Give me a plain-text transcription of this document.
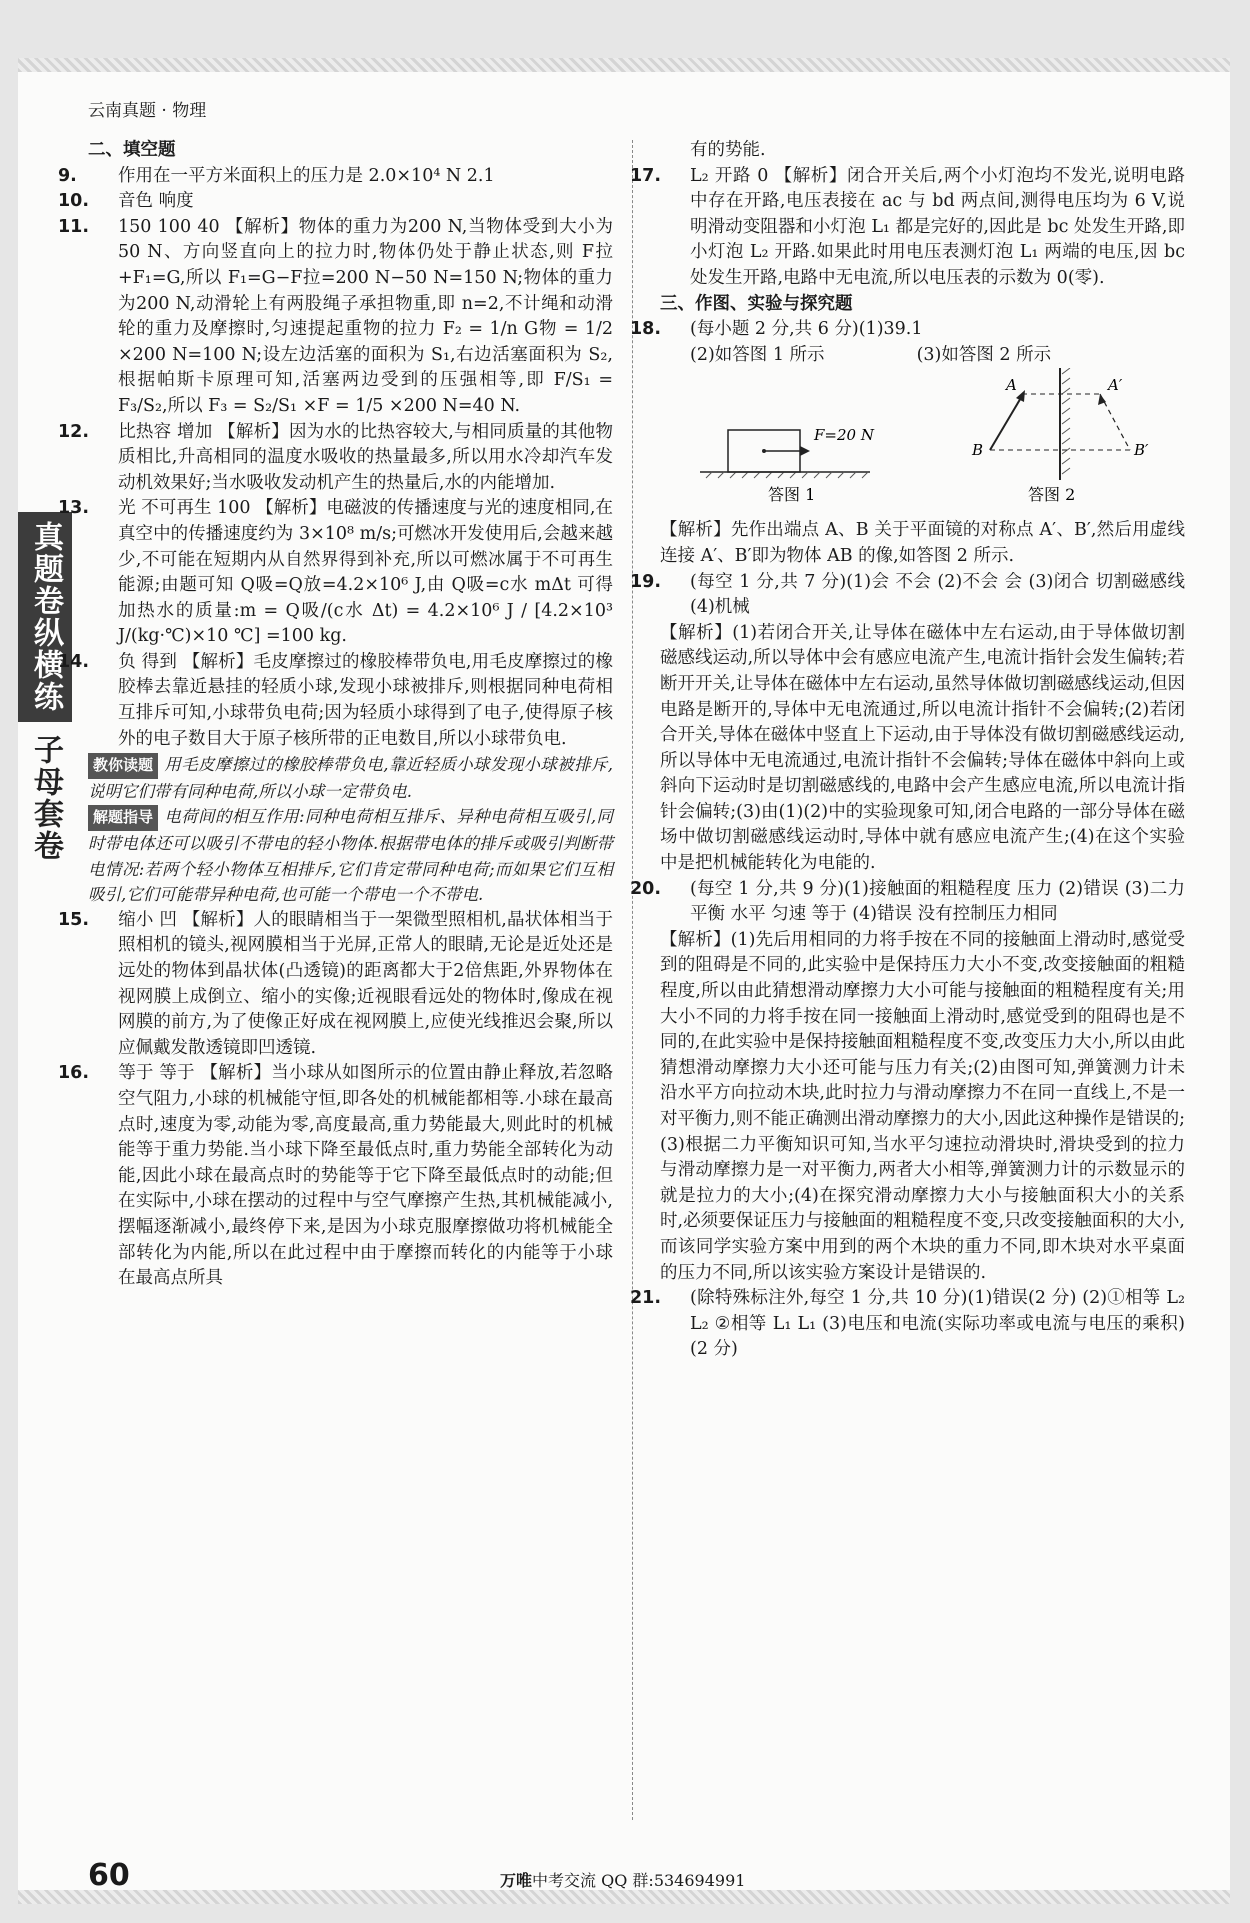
云南真题 · 物理
真题卷纵横练
子母套卷

二、填空题

9. 作用在一平方米面积上的压力是 2.0×10⁴ N 2.1

10. 音色 响度

11. 150 100 40 【解析】物体的重力为200 N,当物体受到大小为50 N、方向竖直向上的拉力时,物体仍处于静止状态,则 F拉+F₁=G,所以 F₁=G−F拉=200 N−50 N=150 N;物体的重力为200 N,动滑轮上有两股绳子承担物重,即 n=2,不计绳和动滑轮的重力及摩擦时,匀速提起重物的拉力 F₂ = 1/n G物 = 1/2 ×200 N=100 N;设左边活塞的面积为 S₁,右边活塞面积为 S₂,根据帕斯卡原理可知,活塞两边受到的压强相等,即 F/S₁ = F₃/S₂,所以 F₃ = S₂/S₁ ×F = 1/5 ×200 N=40 N.

12. 比热容 增加 【解析】因为水的比热容较大,与相同质量的其他物质相比,升高相同的温度水吸收的热量最多,所以用水冷却汽车发动机效果好;当水吸收发动机产生的热量后,水的内能增加.

13. 光 不可再生 100 【解析】电磁波的传播速度与光的速度相同,在真空中的传播速度约为 3×10⁸ m/s;可燃冰开发使用后,会越来越少,不可能在短期内从自然界得到补充,所以可燃冰属于不可再生能源;由题可知 Q吸=Q放=4.2×10⁶ J,由 Q吸=c水 mΔt 可得加热水的质量:m = Q吸/(c水 Δt) = 4.2×10⁶ J / [4.2×10³ J/(kg·℃)×10 ℃] =100 kg.

14. 负 得到 【解析】毛皮摩擦过的橡胶棒带负电,用毛皮摩擦过的橡胶棒去靠近悬挂的轻质小球,发现小球被排斥,则根据同种电荷相互排斥可知,小球带负电荷;因为轻质小球得到了电子,使得原子核外的电子数目大于原子核所带的正电数目,所以小球带负电.

教你读题 用毛皮摩擦过的橡胶棒带负电,靠近轻质小球发现小球被排斥,说明它们带有同种电荷,所以小球一定带负电.

解题指导 电荷间的相互作用:同种电荷相互排斥、异种电荷相互吸引,同时带电体还可以吸引不带电的轻小物体.根据带电体的排斥或吸引判断带电情况:若两个轻小物体互相排斥,它们肯定带同种电荷;而如果它们互相吸引,它们可能带异种电荷,也可能一个带电一个不带电.

15. 缩小 凹 【解析】人的眼睛相当于一架微型照相机,晶状体相当于照相机的镜头,视网膜相当于光屏,正常人的眼睛,无论是近处还是远处的物体到晶状体(凸透镜)的距离都大于2倍焦距,外界物体在视网膜上成倒立、缩小的实像;近视眼看远处的物体时,像成在视网膜的前方,为了使像正好成在视网膜上,应使光线推迟会聚,所以应佩戴发散透镜即凹透镜.

16. 等于 等于 【解析】当小球从如图所示的位置由静止释放,若忽略空气阻力,小球的机械能守恒,即各处的机械能都相等.小球在最高点时,速度为零,动能为零,高度最高,重力势能最大,则此时的机械能等于重力势能.当小球下降至最低点时,重力势能全部转化为动能,因此小球在最高点时的势能等于它下降至最低点时的动能;但在实际中,小球在摆动的过程中与空气摩擦产生热,其机械能减小,摆幅逐渐减小,最终停下来,是因为小球克服摩擦做功将机械能全部转化为内能,所以在此过程中由于摩擦而转化的内能等于小球在最高点所具

有的势能.

17. L₂ 开路 0 【解析】闭合开关后,两个小灯泡均不发光,说明电路中存在开路,电压表接在 ac 与 bd 两点间,测得电压均为 6 V,说明滑动变阻器和小灯泡 L₁ 都是完好的,因此是 bc 处发生开路,即小灯泡 L₂ 开路.如果此时用电压表测灯泡 L₁ 两端的电压,因 bc 处发生开路,电路中无电流,所以电压表的示数为 0(零).

三、作图、实验与探究题

18. (每小题 2 分,共 6 分)(1)39.1

(2)如答图 1 所示	(3)如答图 2 所示

F=20 N
答图 1
A	A′
B	B′
答图 2

【解析】先作出端点 A、B 关于平面镜的对称点 A′、B′,然后用虚线连接 A′、B′即为物体 AB 的像,如答图 2 所示.

19. (每空 1 分,共 7 分)(1)会 不会 (2)不会 会 (3)闭合 切割磁感线 (4)机械

【解析】(1)若闭合开关,让导体在磁体中左右运动,由于导体做切割磁感线运动,所以导体中会有感应电流产生,电流计指针会发生偏转;若断开开关,让导体在磁体中左右运动,虽然导体做切割磁感线运动,但因电路是断开的,导体中无电流通过,所以电流计指针不会偏转;(2)若闭合开关,导体在磁体中竖直上下运动,由于导体没有做切割磁感线运动,所以导体中无电流通过,电流计指针不会偏转;导体在磁体中斜向上或斜向下运动时是切割磁感线的,电路中会产生感应电流,所以电流计指针会偏转;(3)由(1)(2)中的实验现象可知,闭合电路的一部分导体在磁场中做切割磁感线运动时,导体中就有感应电流产生;(4)在这个实验中是把机械能转化为电能的.

20. (每空 1 分,共 9 分)(1)接触面的粗糙程度 压力 (2)错误 (3)二力平衡 水平 匀速 等于 (4)错误 没有控制压力相同

【解析】(1)先后用相同的力将手按在不同的接触面上滑动时,感觉受到的阻碍是不同的,此实验中是保持压力大小不变,改变接触面的粗糙程度,所以由此猜想滑动摩擦力大小可能与接触面的粗糙程度有关;用大小不同的力将手按在同一接触面上滑动时,感觉受到的阻碍也是不同的,在此实验中是保持接触面粗糙程度不变,改变压力大小,所以由此猜想滑动摩擦力大小还可能与压力有关;(2)由图可知,弹簧测力计未沿水平方向拉动木块,此时拉力与滑动摩擦力不在同一直线上,不是一对平衡力,则不能正确测出滑动摩擦力的大小,因此这种操作是错误的;(3)根据二力平衡知识可知,当水平匀速拉动滑块时,滑块受到的拉力与滑动摩擦力是一对平衡力,两者大小相等,弹簧测力计的示数显示的就是拉力的大小;(4)在探究滑动摩擦力大小与接触面积大小的关系时,必须要保证压力与接触面的粗糙程度不变,只改变接触面积的大小,而该同学实验方案中用到的两个木块的重力不同,即木块对水平桌面的压力不同,所以该实验方案设计是错误的.

21. (除特殊标注外,每空 1 分,共 10 分)(1)错误(2 分) (2)①相等 L₂ L₂ ②相等 L₁ L₁ (3)电压和电流(实际功率或电流与电压的乘积)(2 分)

60	万唯中考交流 QQ 群:534694991
